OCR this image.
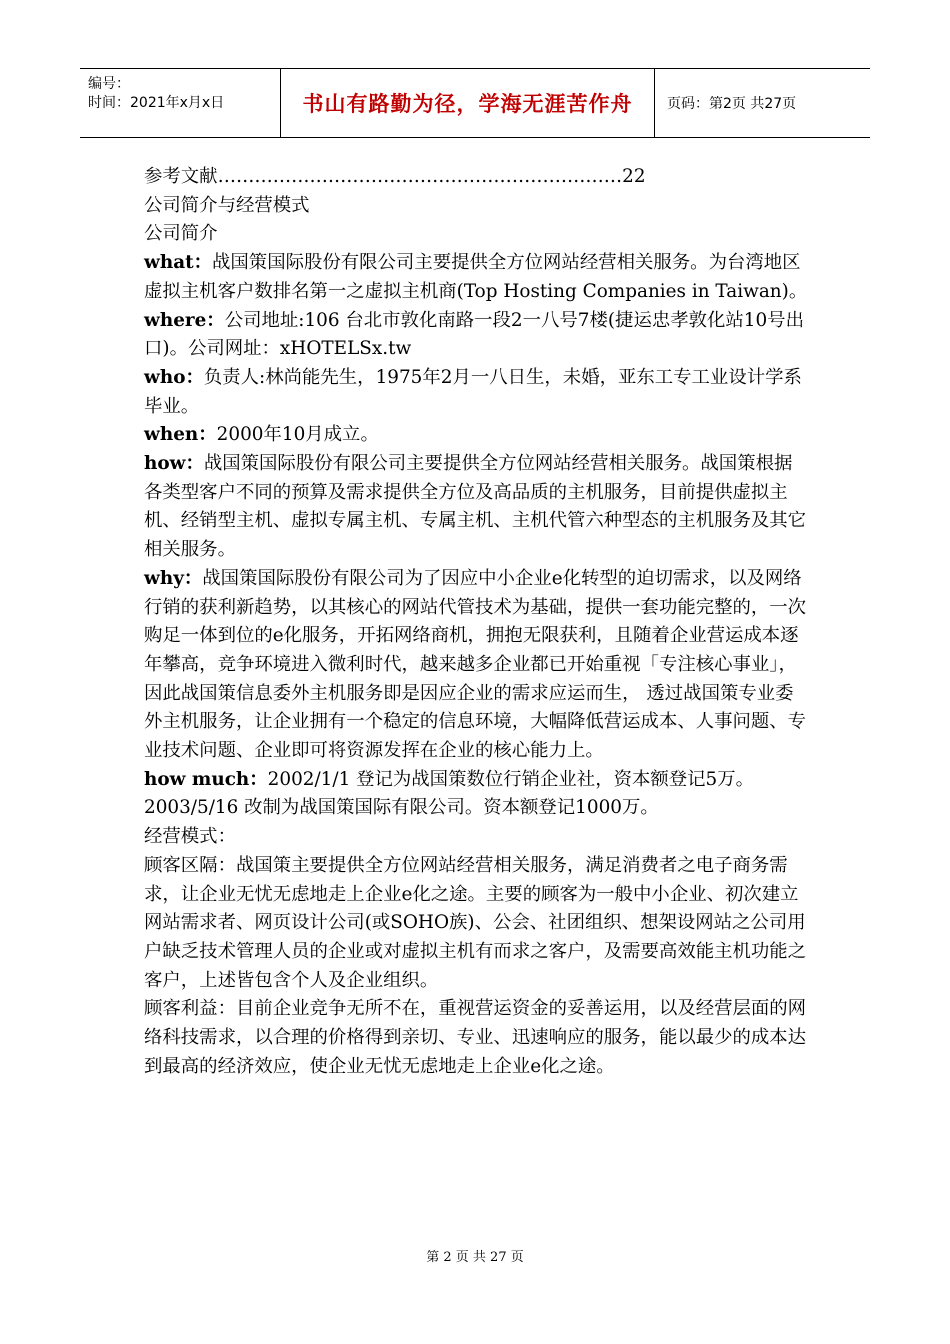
编号：
时间：2021年x月x日	书山有路勤为径，学海无涯苦作舟	页码：第2页 共27页

参考文献…………………………………………………………22

公司简介与经营模式

公司简介

what：战国策国际股份有限公司主要提供全方位网站经营相关服务。为台湾地区虚拟主机客户数排名第一之虚拟主机商(Top Hosting Companies in Taiwan)。

where：公司地址:106 台北市敦化南路一段2一八号7楼(捷运忠孝敦化站10号出口)。公司网址：xHOTELSx.tw

who：负责人:林尚能先生，1975年2月一八日生，未婚，亚东工专工业设计学系毕业。

when：2000年10月成立。

how：战国策国际股份有限公司主要提供全方位网站经营相关服务。战国策根据各类型客户不同的预算及需求提供全方位及高品质的主机服务，目前提供虚拟主机、经销型主机、虚拟专属主机、专属主机、主机代管六种型态的主机服务及其它相关服务。

why：战国策国际股份有限公司为了因应中小企业e化转型的迫切需求，以及网络行销的获利新趋势，以其核心的网站代管技术为基础，提供一套功能完整的，一次购足一体到位的e化服务，开拓网络商机，拥抱无限获利，且随着企业营运成本逐年攀高，竞争环境进入微利时代，越来越多企业都已开始重视「专注核心事业」，因此战国策信息委外主机服务即是因应企业的需求应运而生， 透过战国策专业委外主机服务，让企业拥有一个稳定的信息环境，大幅降低营运成本、人事问题、专业技术问题、企业即可将资源发挥在企业的核心能力上。

how much：2002/1/1 登记为战国策数位行销企业社，资本额登记5万。2003/5/16 改制为战国策国际有限公司。资本额登记1000万。

经营模式：

顾客区隔：战国策主要提供全方位网站经营相关服务，满足消费者之电子商务需求，让企业无忧无虑地走上企业e化之途。主要的顾客为一般中小企业、初次建立网站需求者、网页设计公司(或SOHO族)、公会、社团组织、想架设网站之公司用户缺乏技术管理人员的企业或对虚拟主机有而求之客户，及需要高效能主机功能之客户，上述皆包含个人及企业组织。

顾客利益：目前企业竞争无所不在，重视营运资金的妥善运用，以及经营层面的网络科技需求，以合理的价格得到亲切、专业、迅速响应的服务，能以最少的成本达到最高的经济效应，使企业无忧无虑地走上企业e化之途。

第 2 页 共 27 页
